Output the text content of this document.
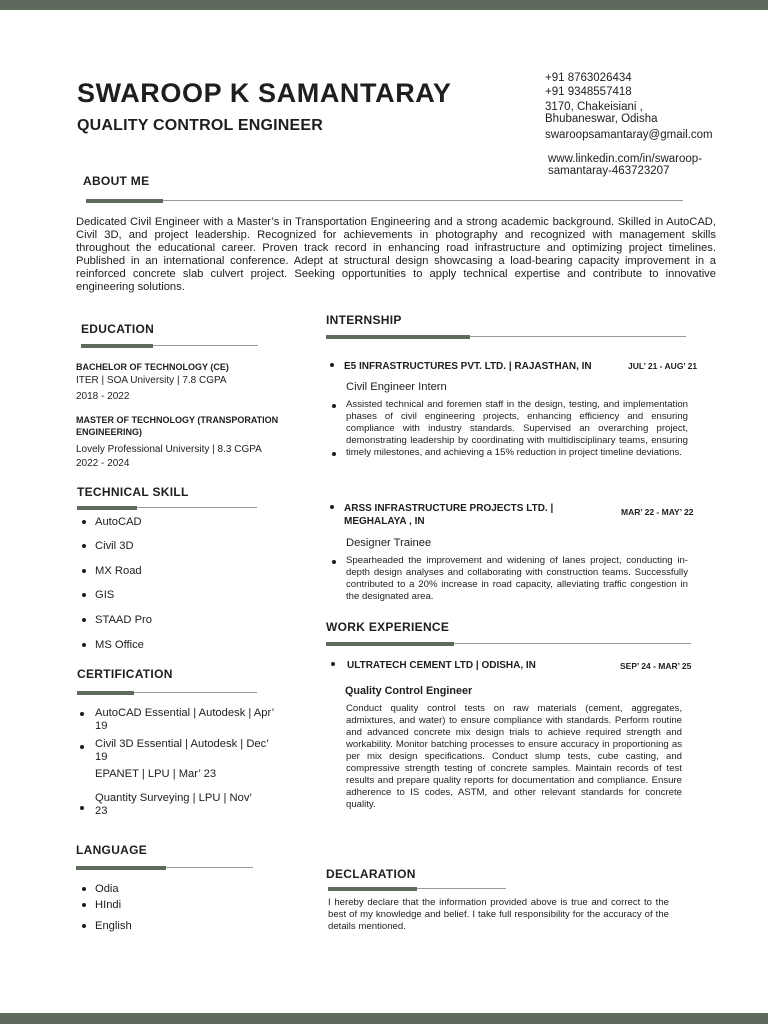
SWAROOP K SAMANTARAY
QUALITY CONTROL ENGINEER
+91 8763026434
+91 9348557418
3170, Chakeisiani ,
Bhubaneswar, Odisha
swaroopsamantaray@gmail.com
www.linkedin.com/in/swaroop-
samantaray-463723207
ABOUT ME
Dedicated Civil Engineer with a Master’s in Transportation Engineering and a strong academic background. Skilled in AutoCAD, Civil 3D, and project leadership. Recognized for achievements in photography and recognized with management skills throughout the educational career. Proven track record in enhancing road infrastructure and optimizing project timelines. Published in an international conference. Adept at structural design showcasing a load-bearing capacity improvement in a reinforced concrete slab culvert project. Seeking opportunities to apply technical expertise and contribute to innovative engineering solutions.
EDUCATION
BACHELOR OF TECHNOLOGY (CE)
ITER | SOA University | 7.8 CGPA
2018 - 2022
MASTER OF TECHNOLOGY (TRANSPORATION ENGINEERING)
Lovely Professional University | 8.3 CGPA
2022 - 2024
TECHNICAL SKILL
AutoCAD
Civil 3D
MX Road
GIS
STAAD Pro
MS Office
CERTIFICATION
AutoCAD Essential | Autodesk | Apr’ 19
Civil 3D Essential | Autodesk | Dec’ 19
EPANET | LPU | Mar’ 23
Quantity Surveying | LPU | Nov’ 23
LANGUAGE
Odia
HIndi
English
INTERNSHIP
E5 INFRASTRUCTURES PVT. LTD. | RAJASTHAN, IN	JUL’ 21 - AUG’ 21
Civil Engineer Intern
Assisted technical and foremen staff in the design, testing, and implementation phases of civil engineering projects, enhancing efficiency and ensuring compliance with industry standards. Supervised an overarching project, demonstrating leadership by coordinating with multidisciplinary teams, ensuring timely milestones, and achieving a 15% reduction in project timeline deviations.
ARSS INFRASTRUCTURE PROJECTS LTD. | MEGHALAYA , IN
MAR’ 22 - MAY’ 22
Designer Trainee
Spearheaded the improvement and widening of lanes project, conducting in-depth design analyses and collaborating with construction teams. Successfully contributed to a 20% increase in road capacity, alleviating traffic congestion in the designated area.
WORK EXPERIENCE
ULTRATECH CEMENT LTD | ODISHA, IN	SEP’ 24 - MAR’ 25
Quality Control Engineer
Conduct quality control tests on raw materials (cement, aggregates, admixtures, and water) to ensure compliance with standards. Perform routine and advanced concrete mix design trials to achieve required strength and workability. Monitor batching processes to ensure accuracy in proportioning as per mix design specifications. Conduct slump tests, cube casting, and compressive strength testing of concrete samples. Maintain records of test results and prepare quality reports for documentation and compliance. Ensure adherence to IS codes, ASTM, and other relevant standards for concrete quality.
DECLARATION
I hereby declare that the information provided above is true and correct to the best of my knowledge and belief. I take full responsibility for the accuracy of the details mentioned.
